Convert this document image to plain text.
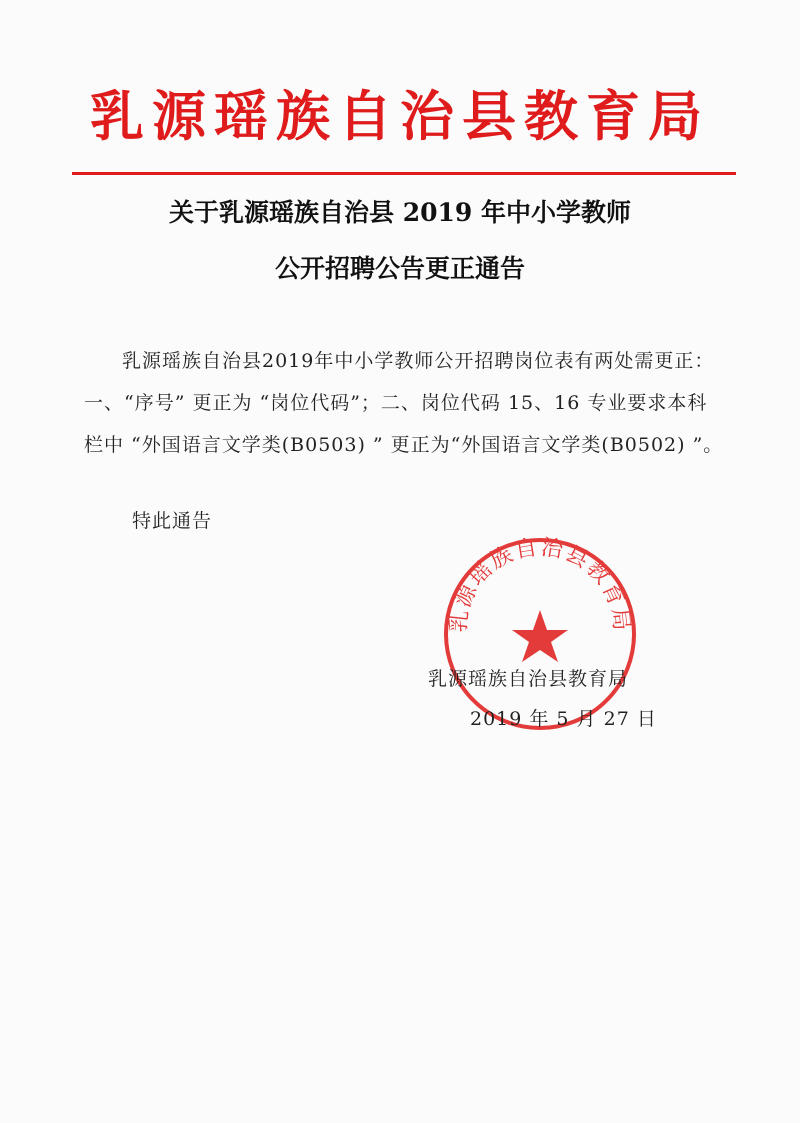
乳源瑶族自治县教育局
关于乳源瑶族自治县 2019 年中小学教师
公开招聘公告更正通告

乳源瑶族自治县2019年中小学教师公开招聘岗位表有两处需更正：一、“序号” 更正为 “岗位代码”；二、岗位代码 15、16 专业要求本科栏中 “外国语言文学类(B0503) ” 更正为“外国语言文学类(B0502) ”。

特此通告
乳源瑶族自治县教育局
乳源瑶族自治县教育局
2019 年 5 月 27 日
